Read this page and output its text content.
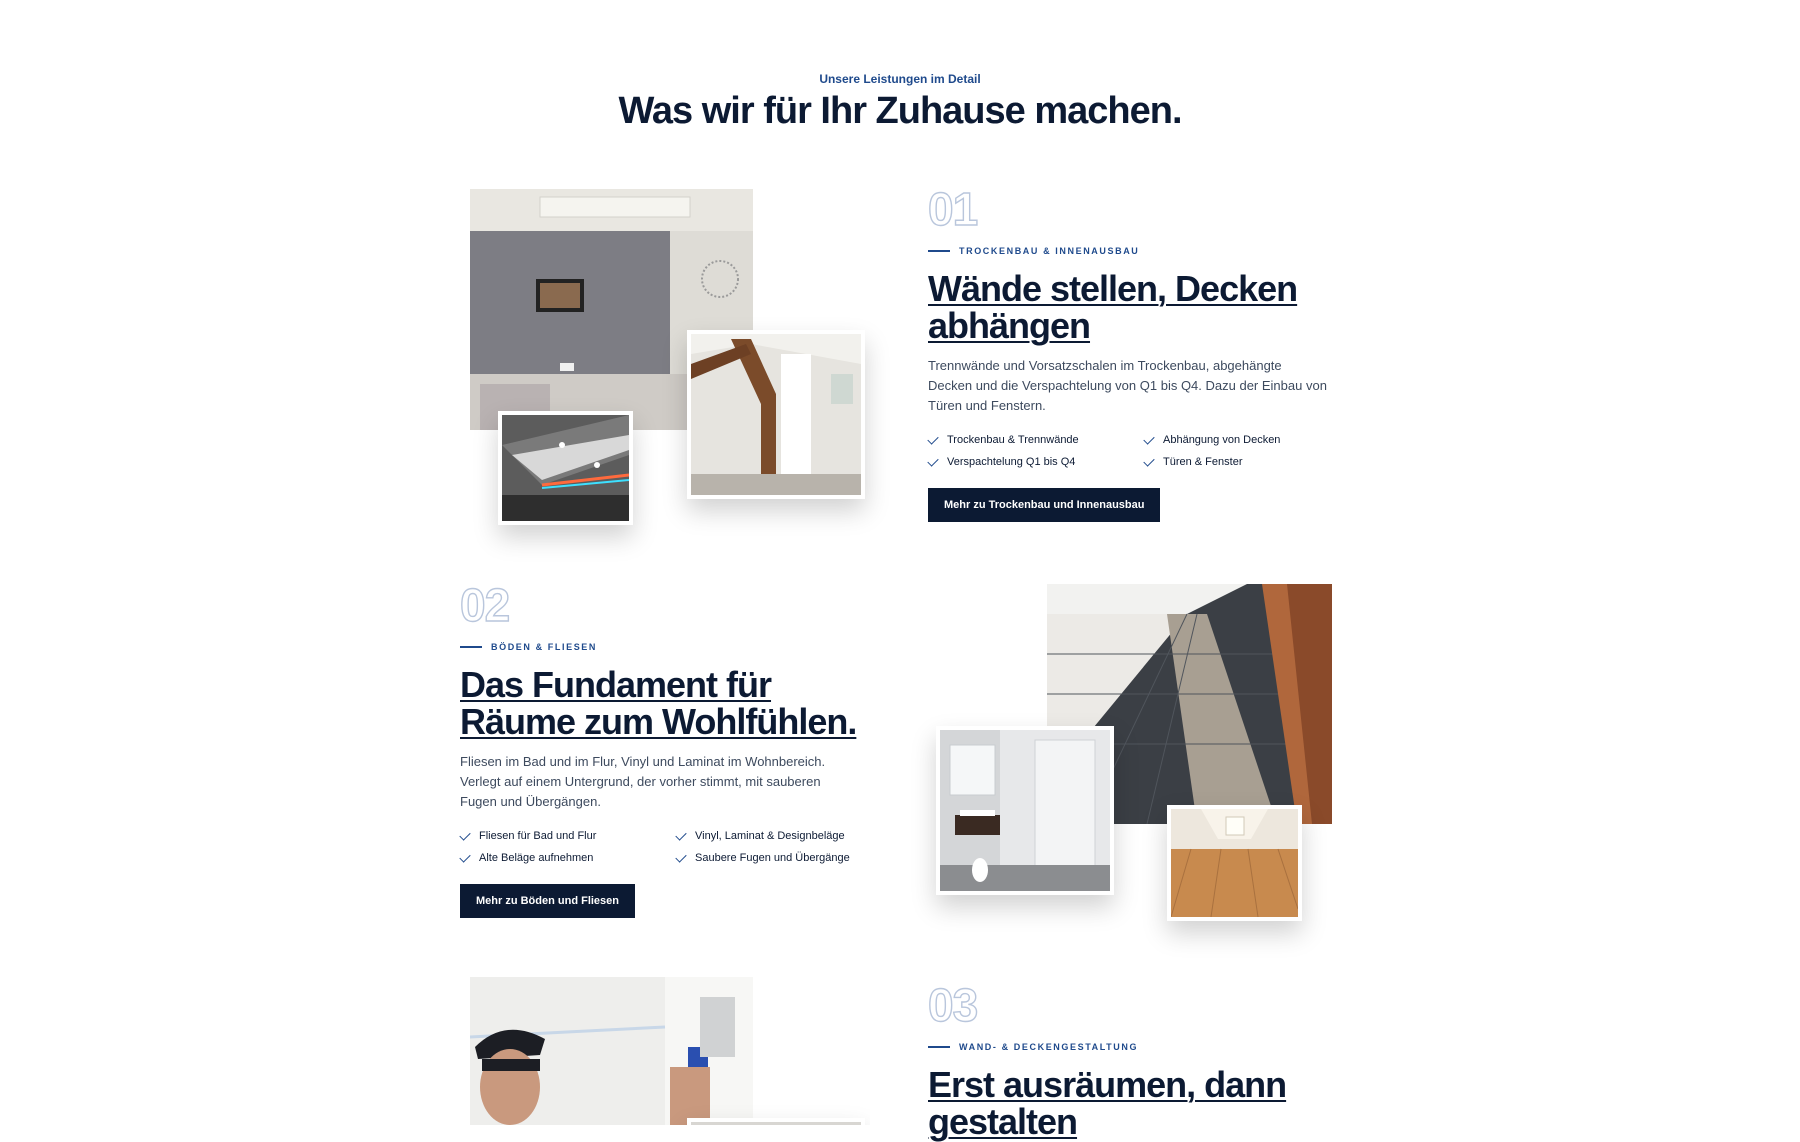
Unsere Leistungen im Detail
Was wir für Ihr Zuhause machen.
01
TROCKENBAU & INNENAUSBAU
Wände stellen, Decken
abhängen

Trennwände und Vorsatzschalen im Trockenbau, abgehängte Decken und die Verspachtelung von Q1 bis Q4. Dazu der Einbau von Türen und Fenstern.

Trockenbau & Trennwände	Abhängung von Decken
Verspachtelung Q1 bis Q4	Türen & Fenster
Mehr zu Trockenbau und Innenausbau
02
BÖDEN & FLIESEN
Das Fundament für
Räume zum Wohlfühlen.

Fliesen im Bad und im Flur, Vinyl und Laminat im Wohnbereich. Verlegt auf einem Untergrund, der vorher stimmt, mit sauberen Fugen und Übergängen.

Fliesen für Bad und Flur	Vinyl, Laminat & Designbeläge
Alte Beläge aufnehmen	Saubere Fugen und Übergänge
Mehr zu Böden und Fliesen
03
WAND- & DECKENGESTALTUNG
Erst ausräumen, dann
gestalten
